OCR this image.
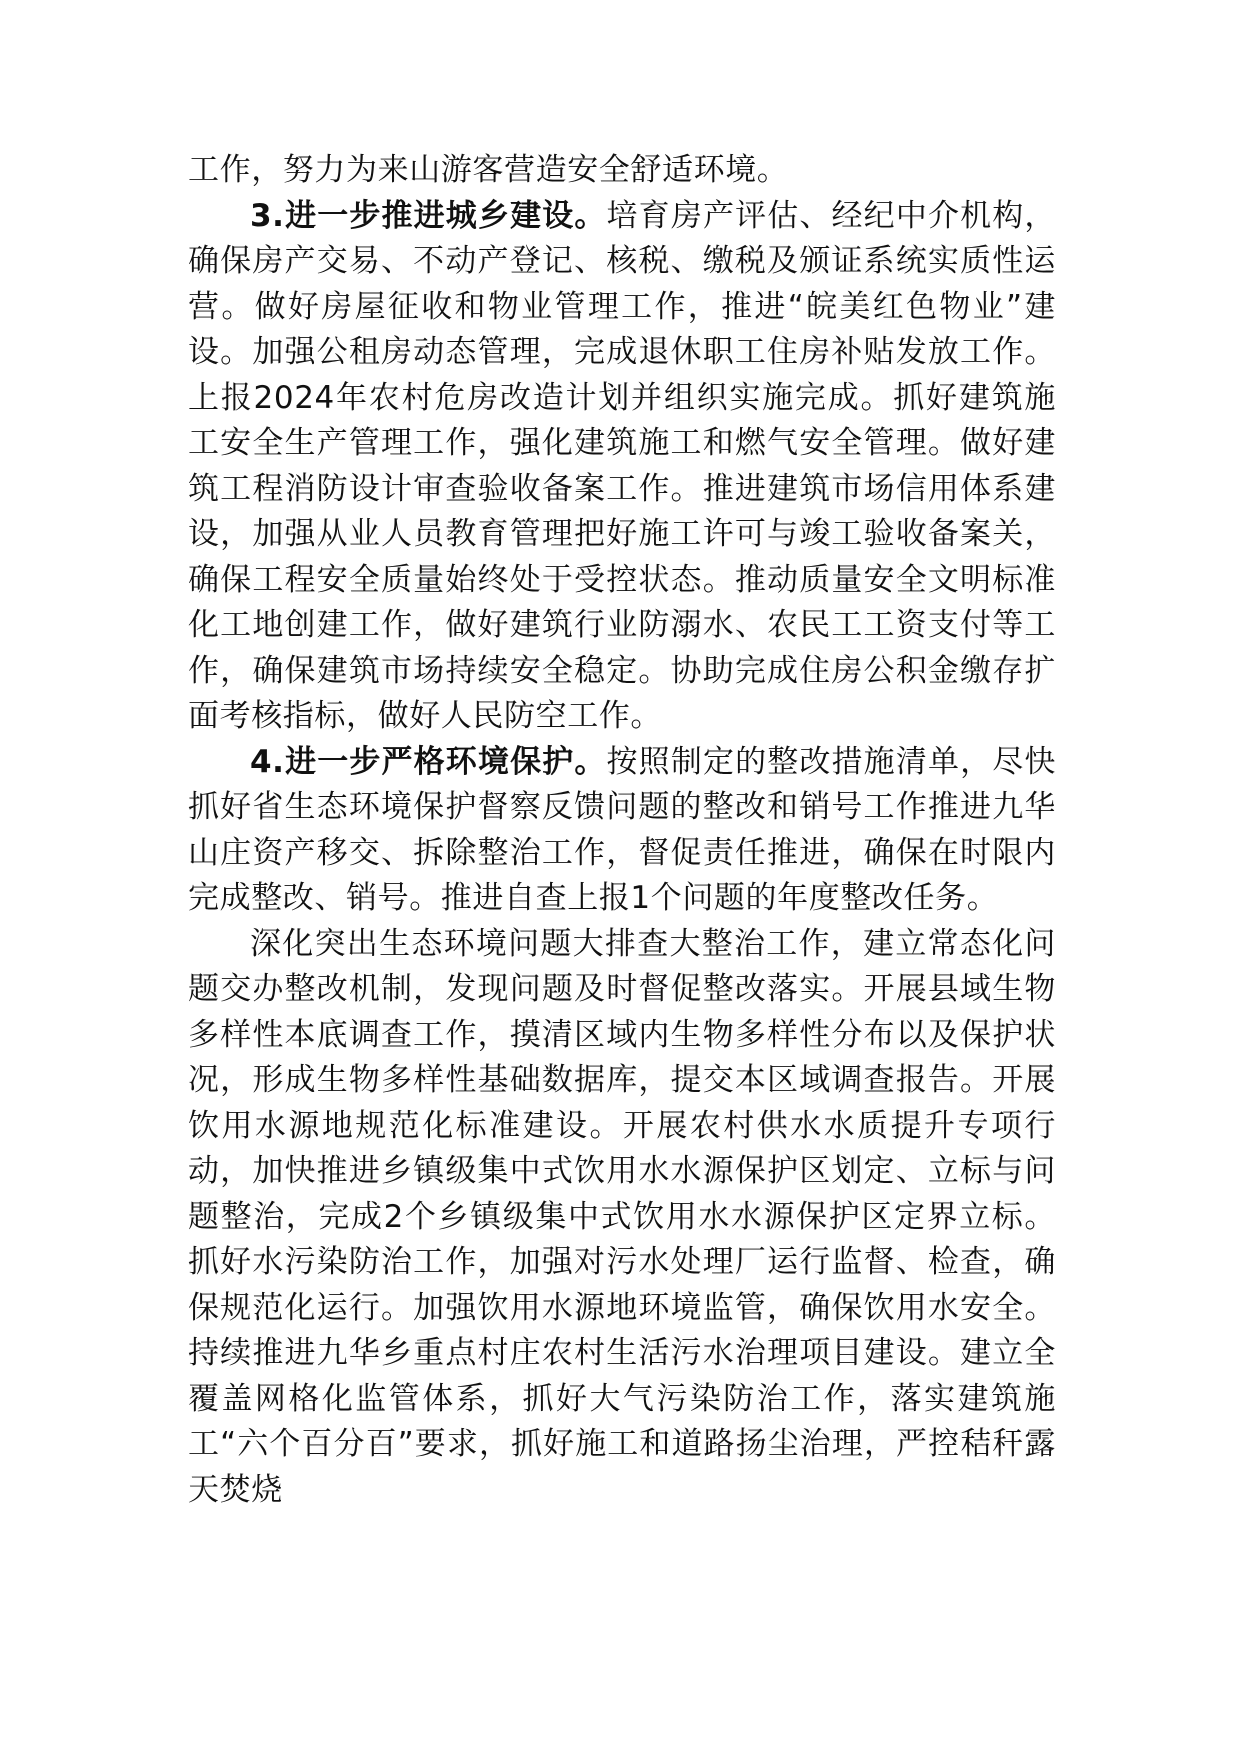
工作，努力为来山游客营造安全舒适环境。

3.进一步推进城乡建设。培育房产评估、经纪中介机构，确保房产交易、不动产登记、核税、缴税及颁证系统实质性运营。做好房屋征收和物业管理工作，推进“皖美红色物业”建设。加强公租房动态管理，完成退休职工住房补贴发放工作。上报2024年农村危房改造计划并组织实施完成。抓好建筑施工安全生产管理工作，强化建筑施工和燃气安全管理。做好建筑工程消防设计审查验收备案工作。推进建筑市场信用体系建设，加强从业人员教育管理把好施工许可与竣工验收备案关，确保工程安全质量始终处于受控状态。推动质量安全文明标准化工地创建工作，做好建筑行业防溺水、农民工工资支付等工作，确保建筑市场持续安全稳定。协助完成住房公积金缴存扩面考核指标，做好人民防空工作。

4.进一步严格环境保护。按照制定的整改措施清单，尽快抓好省生态环境保护督察反馈问题的整改和销号工作推进九华山庄资产移交、拆除整治工作，督促责任推进，确保在时限内完成整改、销号。推进自查上报1个问题的年度整改任务。

深化突出生态环境问题大排查大整治工作，建立常态化问题交办整改机制，发现问题及时督促整改落实。开展县域生物多样性本底调查工作，摸清区域内生物多样性分布以及保护状况，形成生物多样性基础数据库，提交本区域调查报告。开展饮用水源地规范化标准建设。开展农村供水水质提升专项行动，加快推进乡镇级集中式饮用水水源保护区划定、立标与问题整治，完成2个乡镇级集中式饮用水水源保护区定界立标。抓好水污染防治工作，加强对污水处理厂运行监督、检查，确保规范化运行。加强饮用水源地环境监管，确保饮用水安全。持续推进九华乡重点村庄农村生活污水治理项目建设。建立全覆盖网格化监管体系，抓好大气污染防治工作，落实建筑施工“六个百分百”要求，抓好施工和道路扬尘治理，严控秸秆露天焚烧
